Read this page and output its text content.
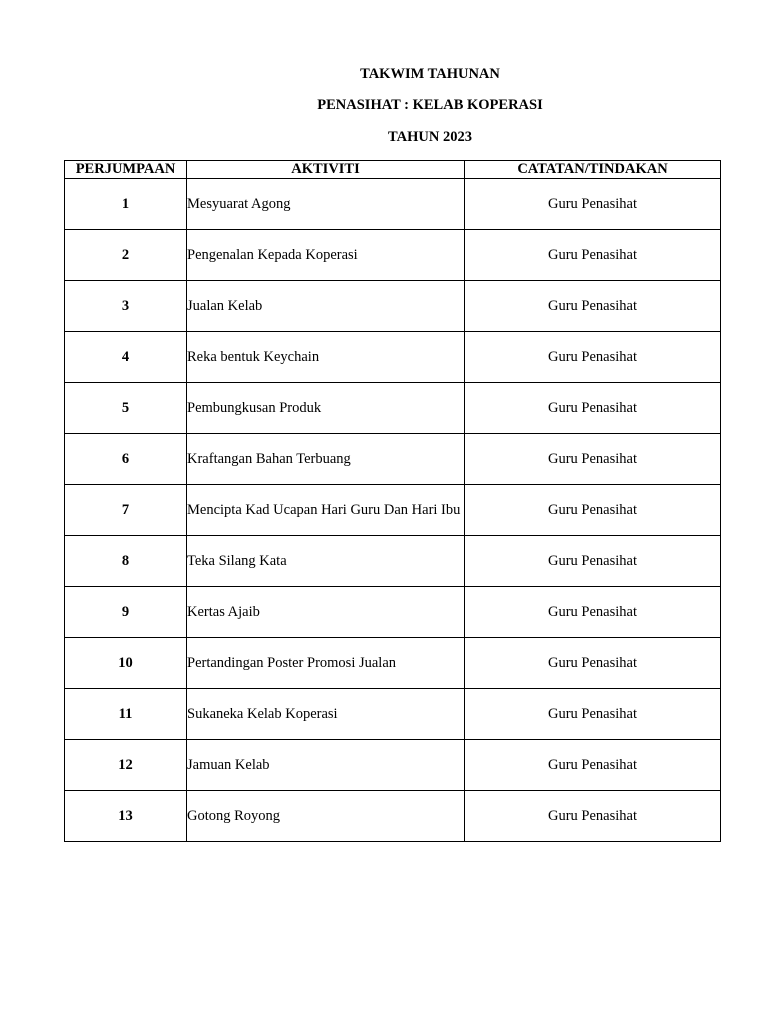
TAKWIM TAHUNAN
PENASIHAT : KELAB KOPERASI
TAHUN 2023
PERJUMPAAN	AKTIVITI	CATATAN/TINDAKAN
1	Mesyuarat Agong	Guru Penasihat
2	Pengenalan Kepada Koperasi	Guru Penasihat
3	Jualan Kelab	Guru Penasihat
4	Reka bentuk Keychain	Guru Penasihat
5	Pembungkusan Produk	Guru Penasihat
6	Kraftangan Bahan Terbuang	Guru Penasihat
7	Mencipta Kad Ucapan Hari Guru Dan Hari Ibu	Guru Penasihat
8	Teka Silang Kata	Guru Penasihat
9	Kertas Ajaib	Guru Penasihat
10	Pertandingan Poster Promosi Jualan	Guru Penasihat
11	Sukaneka Kelab Koperasi	Guru Penasihat
12	Jamuan Kelab	Guru Penasihat
13	Gotong Royong	Guru Penasihat
